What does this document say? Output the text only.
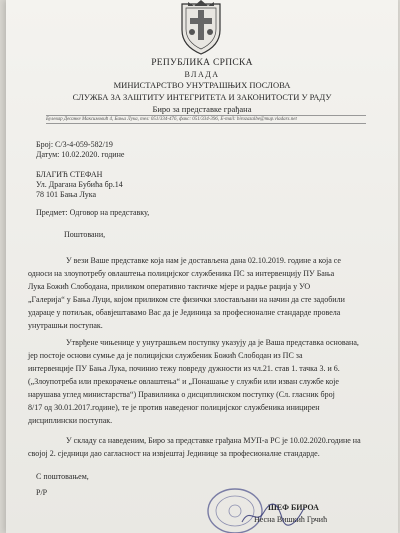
РЕПУБЛИКА СРПСКА
ВЛАДА
МИНИСТАРСТВО УНУТРАШЊИХ ПОСЛОВА
СЛУЖБА ЗА ЗАШТИТУ ИНТЕГРИТЕТА И ЗАКОНИТОСТИ У РАДУ
Биро за представке грађана
Булевар Десанке Максимовић 4, Бања Лука, тел: 051/334-476, факс: 051/334-396, E-mail: birozazalbe@mup.vladars.net
Број: С/3-4-059-582/19
Датум: 10.02.2020. године
БЛАГИЋ СТЕФАН
Ул. Драгана Бубића бр.14
78 101 Бања Лука
Предмет: Одговор на представку,
Поштовани,
У вези Ваше представке која нам је достављена дана 02.10.2019. године а која се
односи на злоупотребу овлаштења полицијског службеника ПС за интервенцију ПУ Бања
Лука Божић Слободана, приликом оперативно тактичке мјере и радње рација у УО
„Галерија“ у Бања Луци, којом приликом сте физички злостављани на начин да сте задобили
удараце у потиљак, обавјештавамо Вас да је Јединица за професионалне стандарде провела
унутрашњи поступак.
Утврђене чињенице у унутрашњем поступку указују да је Ваша представка основана,
јер постоје основи сумње да је полицијски службеник Божић Слободан из ПС за
интервенције ПУ Бања Лука, починио тежу повреду дужности из чл.21. став 1. тачка 3. и 6.
(„Злоупотреба или прекорачење овлаштења“ и „Понашање у служби или изван службе које
нарушава углед министарства“) Правилника о дисциплинском поступку (Сл. гласник број
8/17 од 30.01.2017.године), те је против наведеног полицијског службеника иницирен
дисциплински поступак.
У складу са наведеним, Биро за представке грађана МУП-а РС је 10.02.2020.године на
својој 2. сједници дао сагласност на извјештај Јединице за професионалне стандарде.
С поштовањем,
Р/Р
ШЕФ БИРОА
Несна Вишкић Грчић
